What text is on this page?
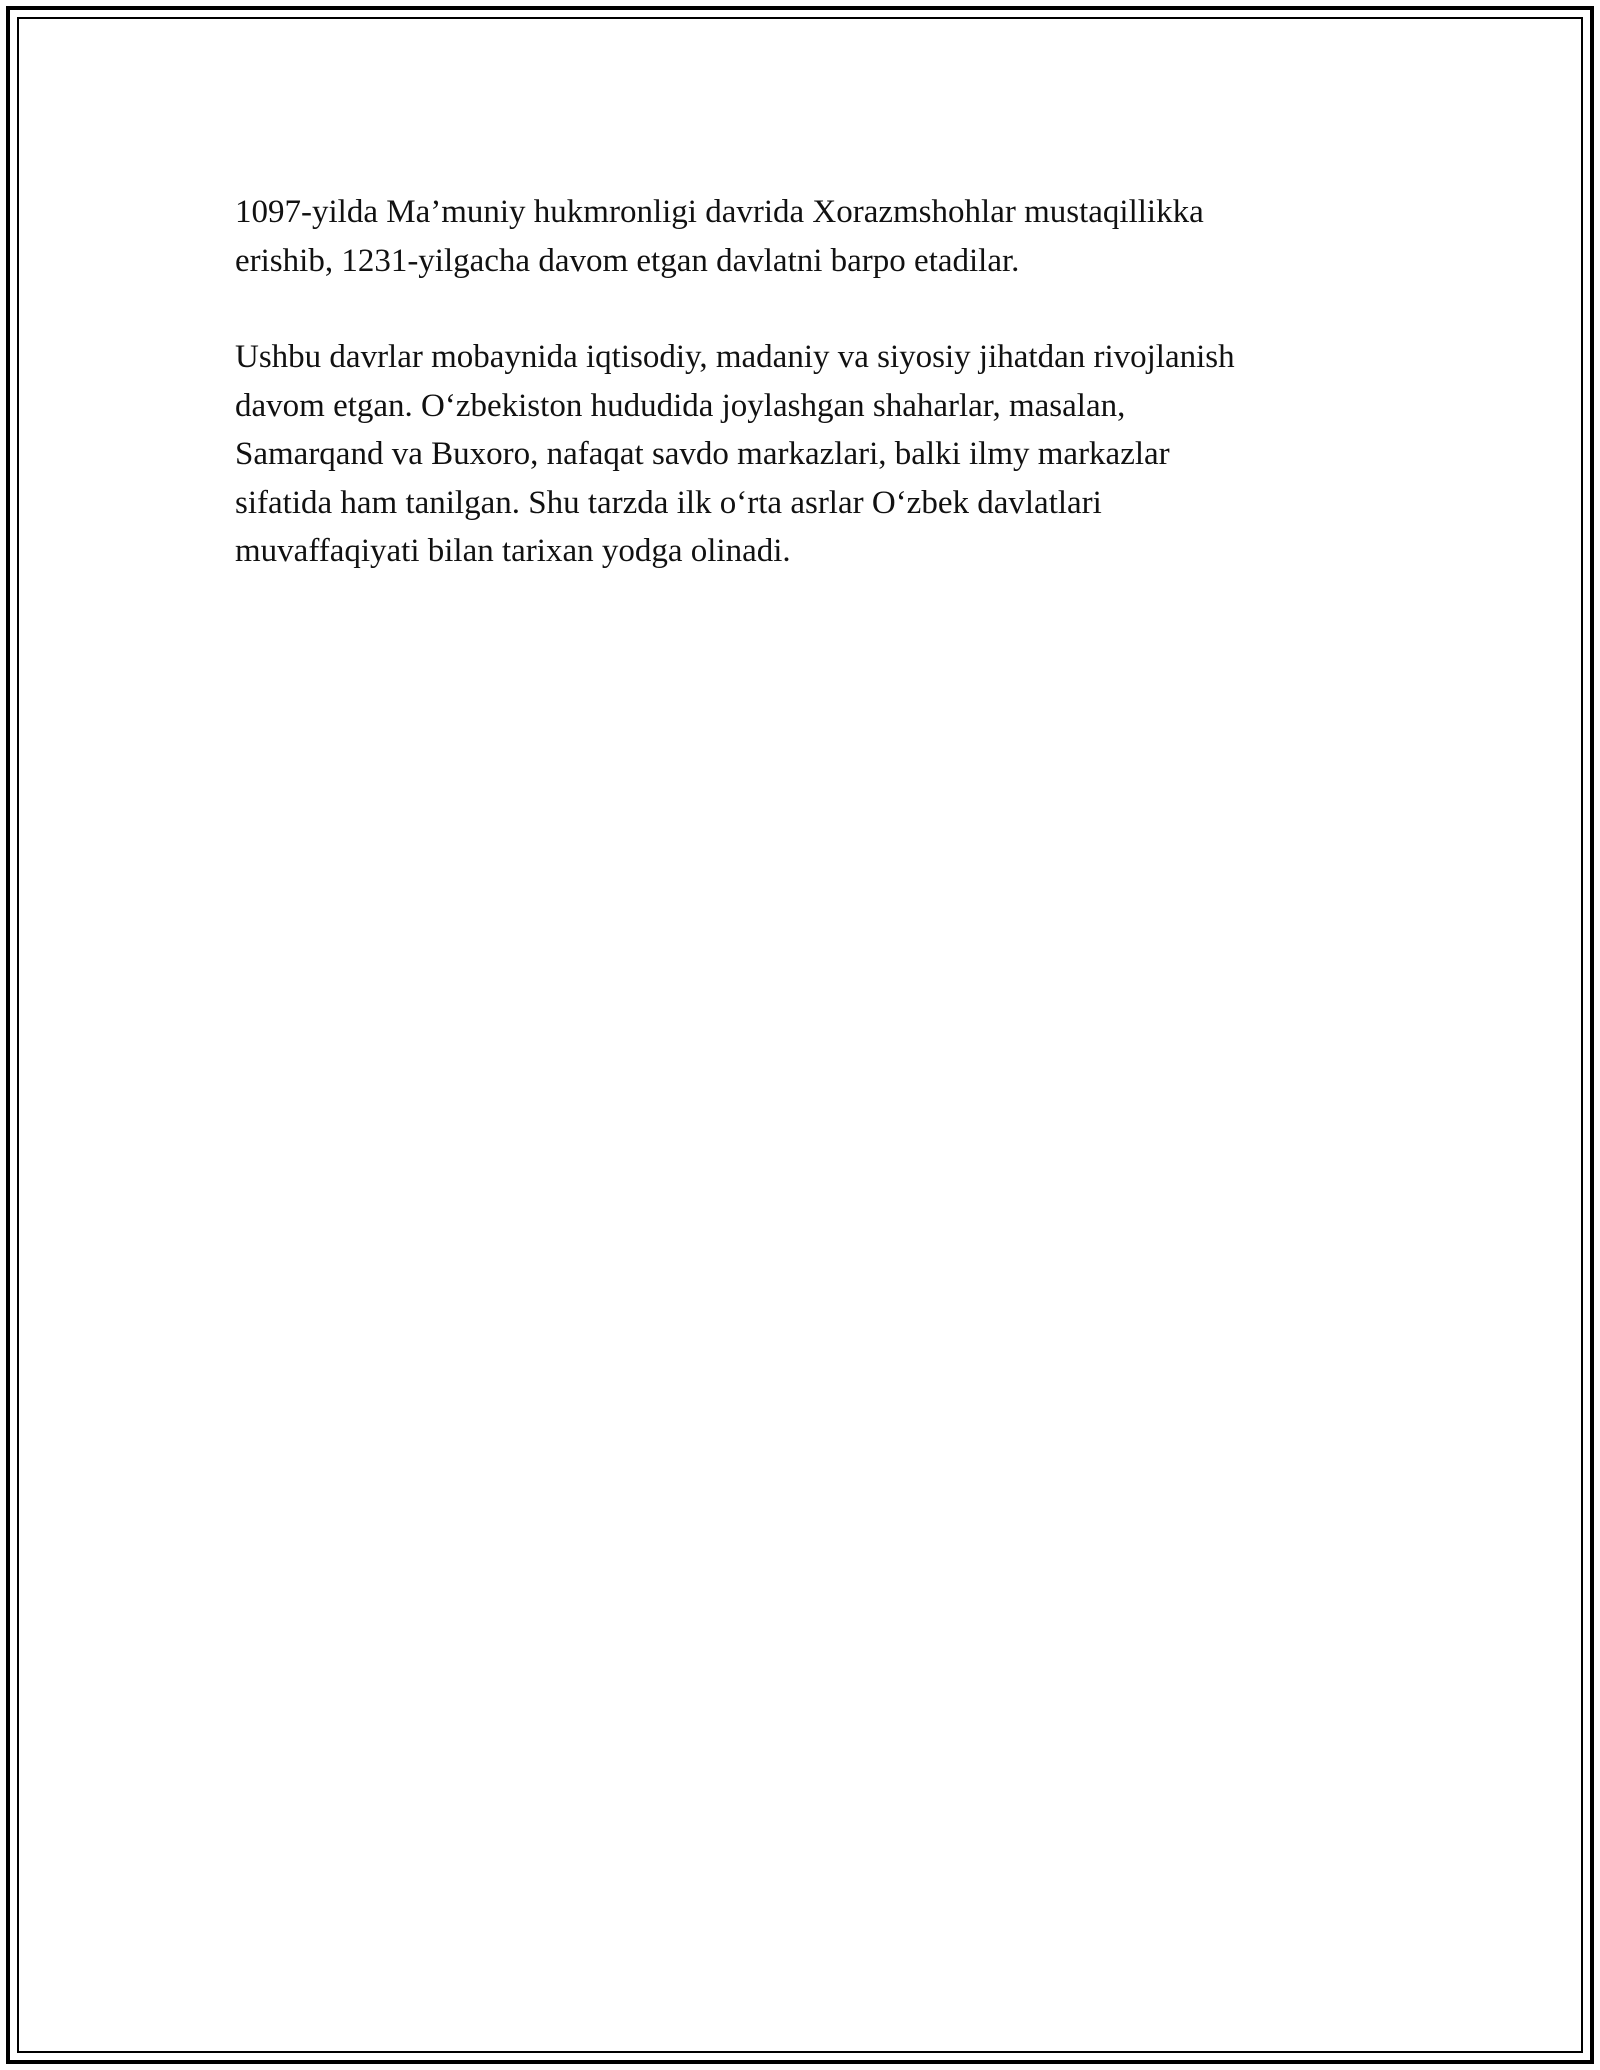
1097-yilda Ma’muniy hukmronligi davrida Xorazmshohlar mustaqillikka
erishib, 1231-yilgacha davom etgan davlatni barpo etadilar.

Ushbu davrlar mobaynida iqtisodiy, madaniy va siyosiy jihatdan rivojlanish
davom etgan. O‘zbekiston hududida joylashgan shaharlar, masalan,
Samarqand va Buxoro, nafaqat savdo markazlari, balki ilmy markazlar
sifatida ham tanilgan. Shu tarzda ilk o‘rta asrlar O‘zbek davlatlari
muvaffaqiyati bilan tarixan yodga olinadi.
